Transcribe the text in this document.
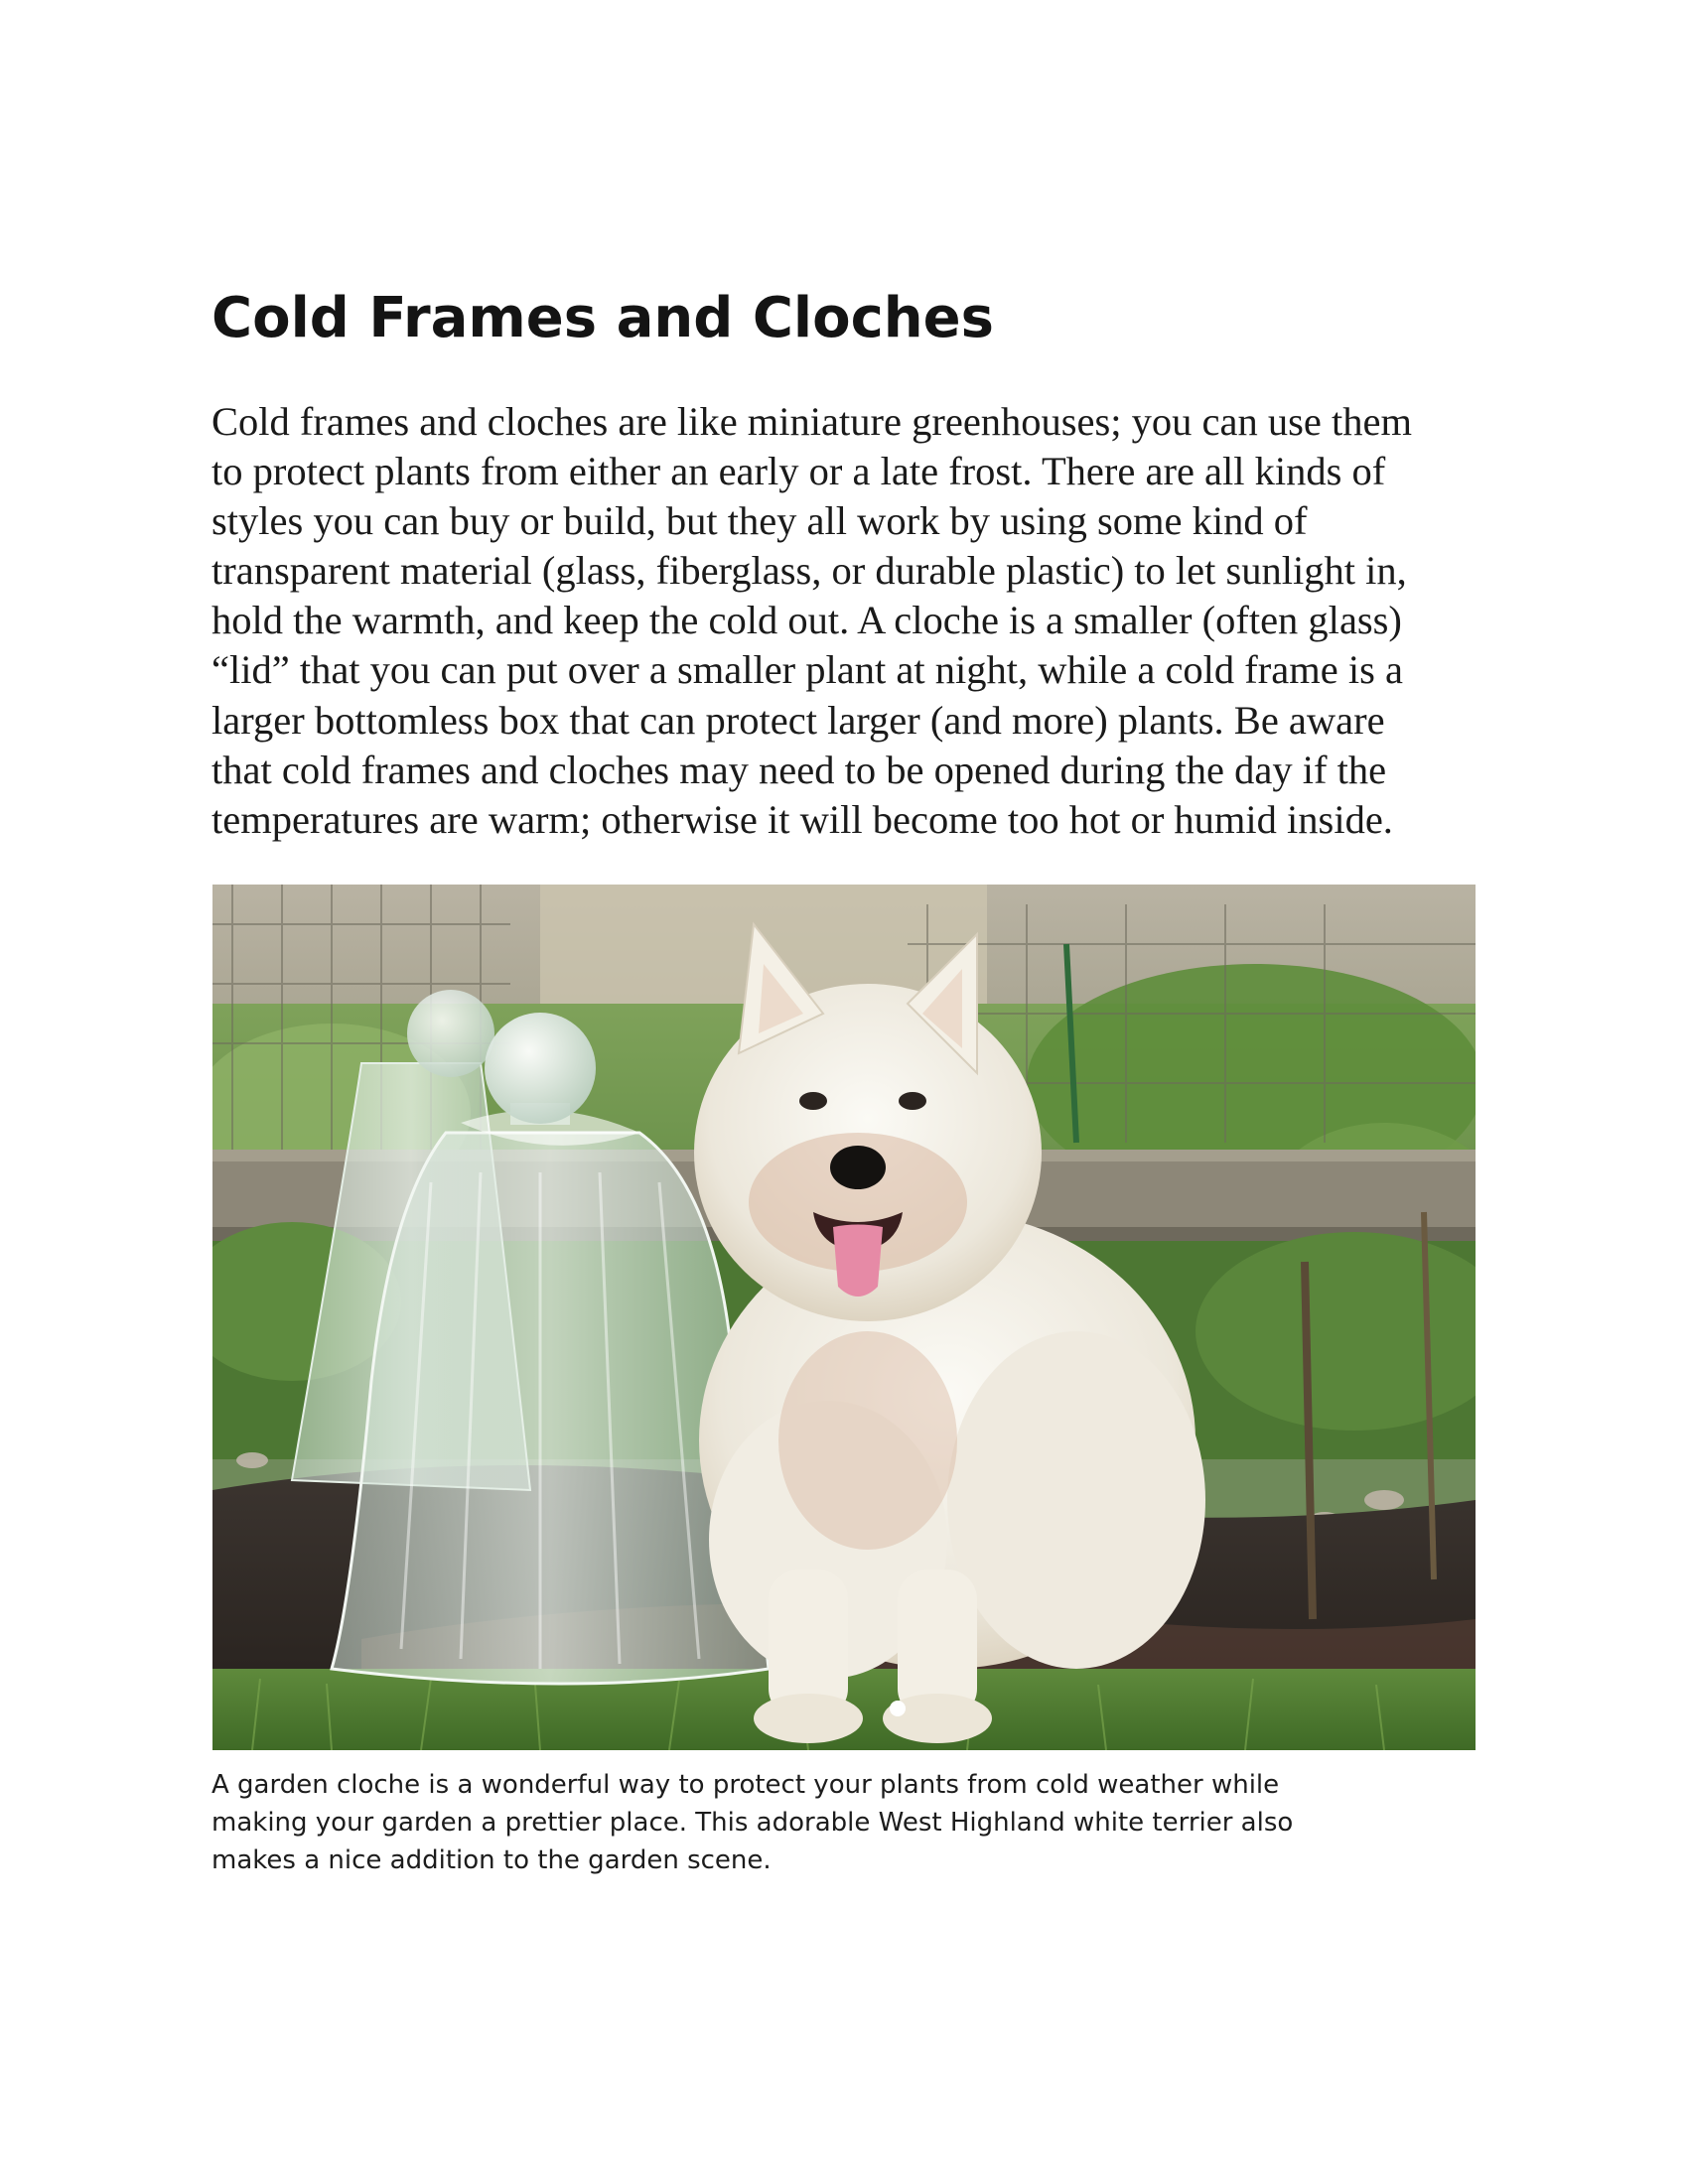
Cold Frames and Cloches
Cold frames and cloches are like miniature greenhouses; you can use them
to protect plants from either an early or a late frost. There are all kinds of
styles you can buy or build, but they all work by using some kind of
transparent material (glass, fiberglass, or durable plastic) to let sunlight in,
hold the warmth, and keep the cold out. A cloche is a smaller (often glass)
“lid” that you can put over a smaller plant at night, while a cold frame is a
larger bottomless box that can protect larger (and more) plants. Be aware
that cold frames and cloches may need to be opened during the day if the
temperatures are warm; otherwise it will become too hot or humid inside.
A garden cloche is a wonderful way to protect your plants from cold weather while
making your garden a prettier place. This adorable West Highland white terrier also
makes a nice addition to the garden scene.
